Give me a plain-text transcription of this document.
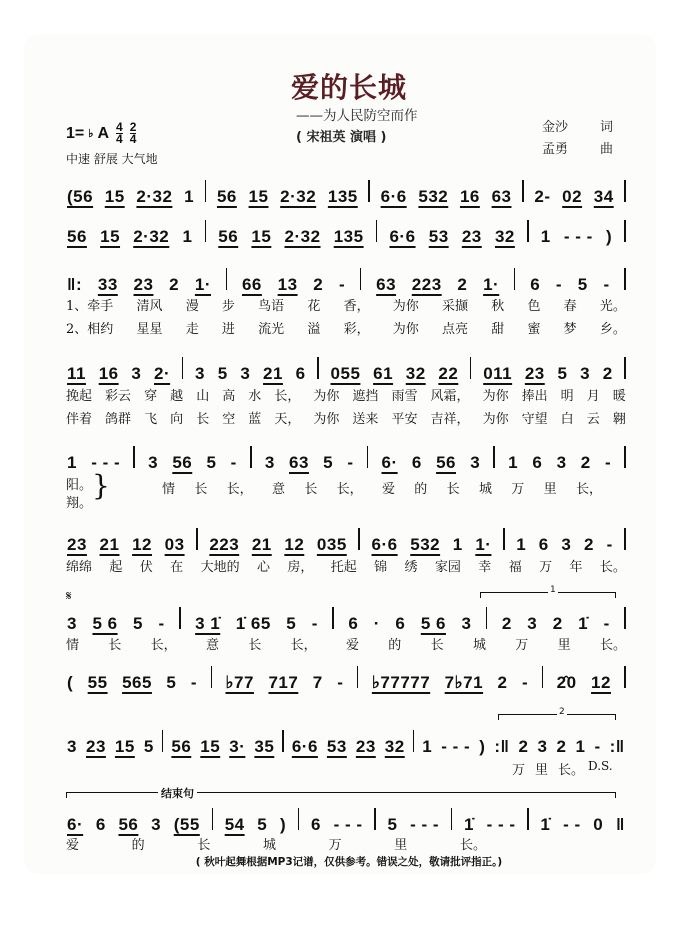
爱的长城
——为人民防空而作
( 宋祖英 演唱 )
金沙	词
孟勇	曲
1= ♭ A $\frac{4}{4} \frac{2}{4}$
中速 舒展 大气地
(56 15 2·32 1 56 15 2·32 135 6·6 532 16 63 2- 02 34
56 15 2·32 1 56 15 2·32 135 6·6 53 23 32 1 - - - )
‖: 33 23 2 1· 66 13 2 - 63 223 2 1· 6 - 5 -
1、牵手 清风 漫 步 鸟语 花 香， 为你 采撷 秋 色 春 光。
2、相约 星星 走 进 流光 溢 彩， 为你 点亮 甜 蜜 梦 乡。
11 16 3 2· 3 5 3 21 6 055 61 32 22 011 23 5 3 2
挽起 彩云 穿 越 山 高 水 长， 为你 遮挡 雨雪 风霜， 为你 捧出 明 月 暖
伴着 鸽群 飞 向 长 空 蓝 天， 为你 送来 平安 吉祥， 为你 守望 白 云 翱
1 - - - 3 56 5 - 3 63 5 - 6· 6 56 3 1 6 3 2 -
阳。
翔。
}	情 长 长， 意 长 长， 爱 的 长 城 万 里 长，
23 21 12 03 223 21 12 035 6·6 532 1 1· 1 6 3 2 -
绵绵 起 伏 在 大地的 心 房， 托起 锦 绣 家园 幸 福 万 年 长。
𝄋	1
3 5 6 5 - 3 1̇ 1̇ 65 5 - 6 · 6 5 6 3 2 3 2 1̇ -
情 长 长， 意 长 长， 爱 的 长 城 万 里 长。
( 55 565 5 - ♭77 717 7 - ♭77777 7♭71 2 - 2̂0 12
2
3 23 15 5 56 15 3· 35 6·6 53 23 32 1 - - - ) :‖ 2 3 2 1 - :‖
万 里 长。 D.S.
结束句
6· 6 56 3 (55 54 5 ) 6 - - - 5 - - - 1̇ - - - 1̇ - - 0 ‖
爱	的	长	城	万	里	长。
( 秋叶起舞根据MP3记谱，仅供参考。错误之处，敬请批评指正。)
